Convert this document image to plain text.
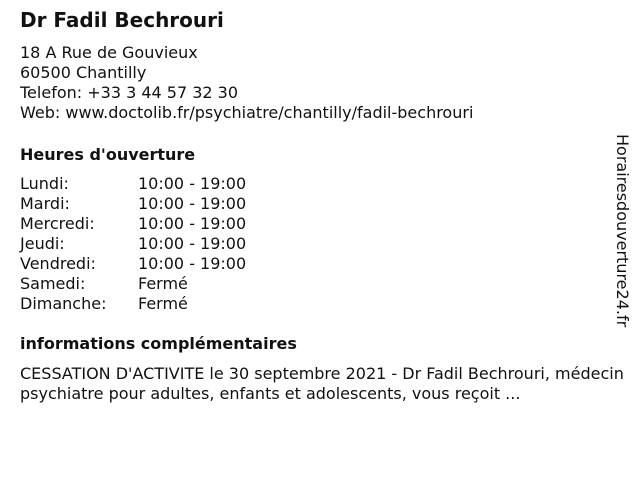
Dr Fadil Bechrouri
18 A Rue de Gouvieux
60500 Chantilly
Telefon: +33 3 44 57 32 30
Web: www.doctolib.fr/psychiatre/chantilly/fadil-bechrouri
Heures d'ouverture
Lundi:	10:00 - 19:00
Mardi:	10:00 - 19:00
Mercredi:	10:00 - 19:00
Jeudi:	10:00 - 19:00
Vendredi:	10:00 - 19:00
Samedi:	Fermé
Dimanche:	Fermé
informations complémentaires
CESSATION D'ACTIVITE le 30 septembre 2021 - Dr Fadil Bechrouri, médecin psychiatre pour adultes, enfants et adolescents, vous reçoit ...
Horairesdouverture24.fr
